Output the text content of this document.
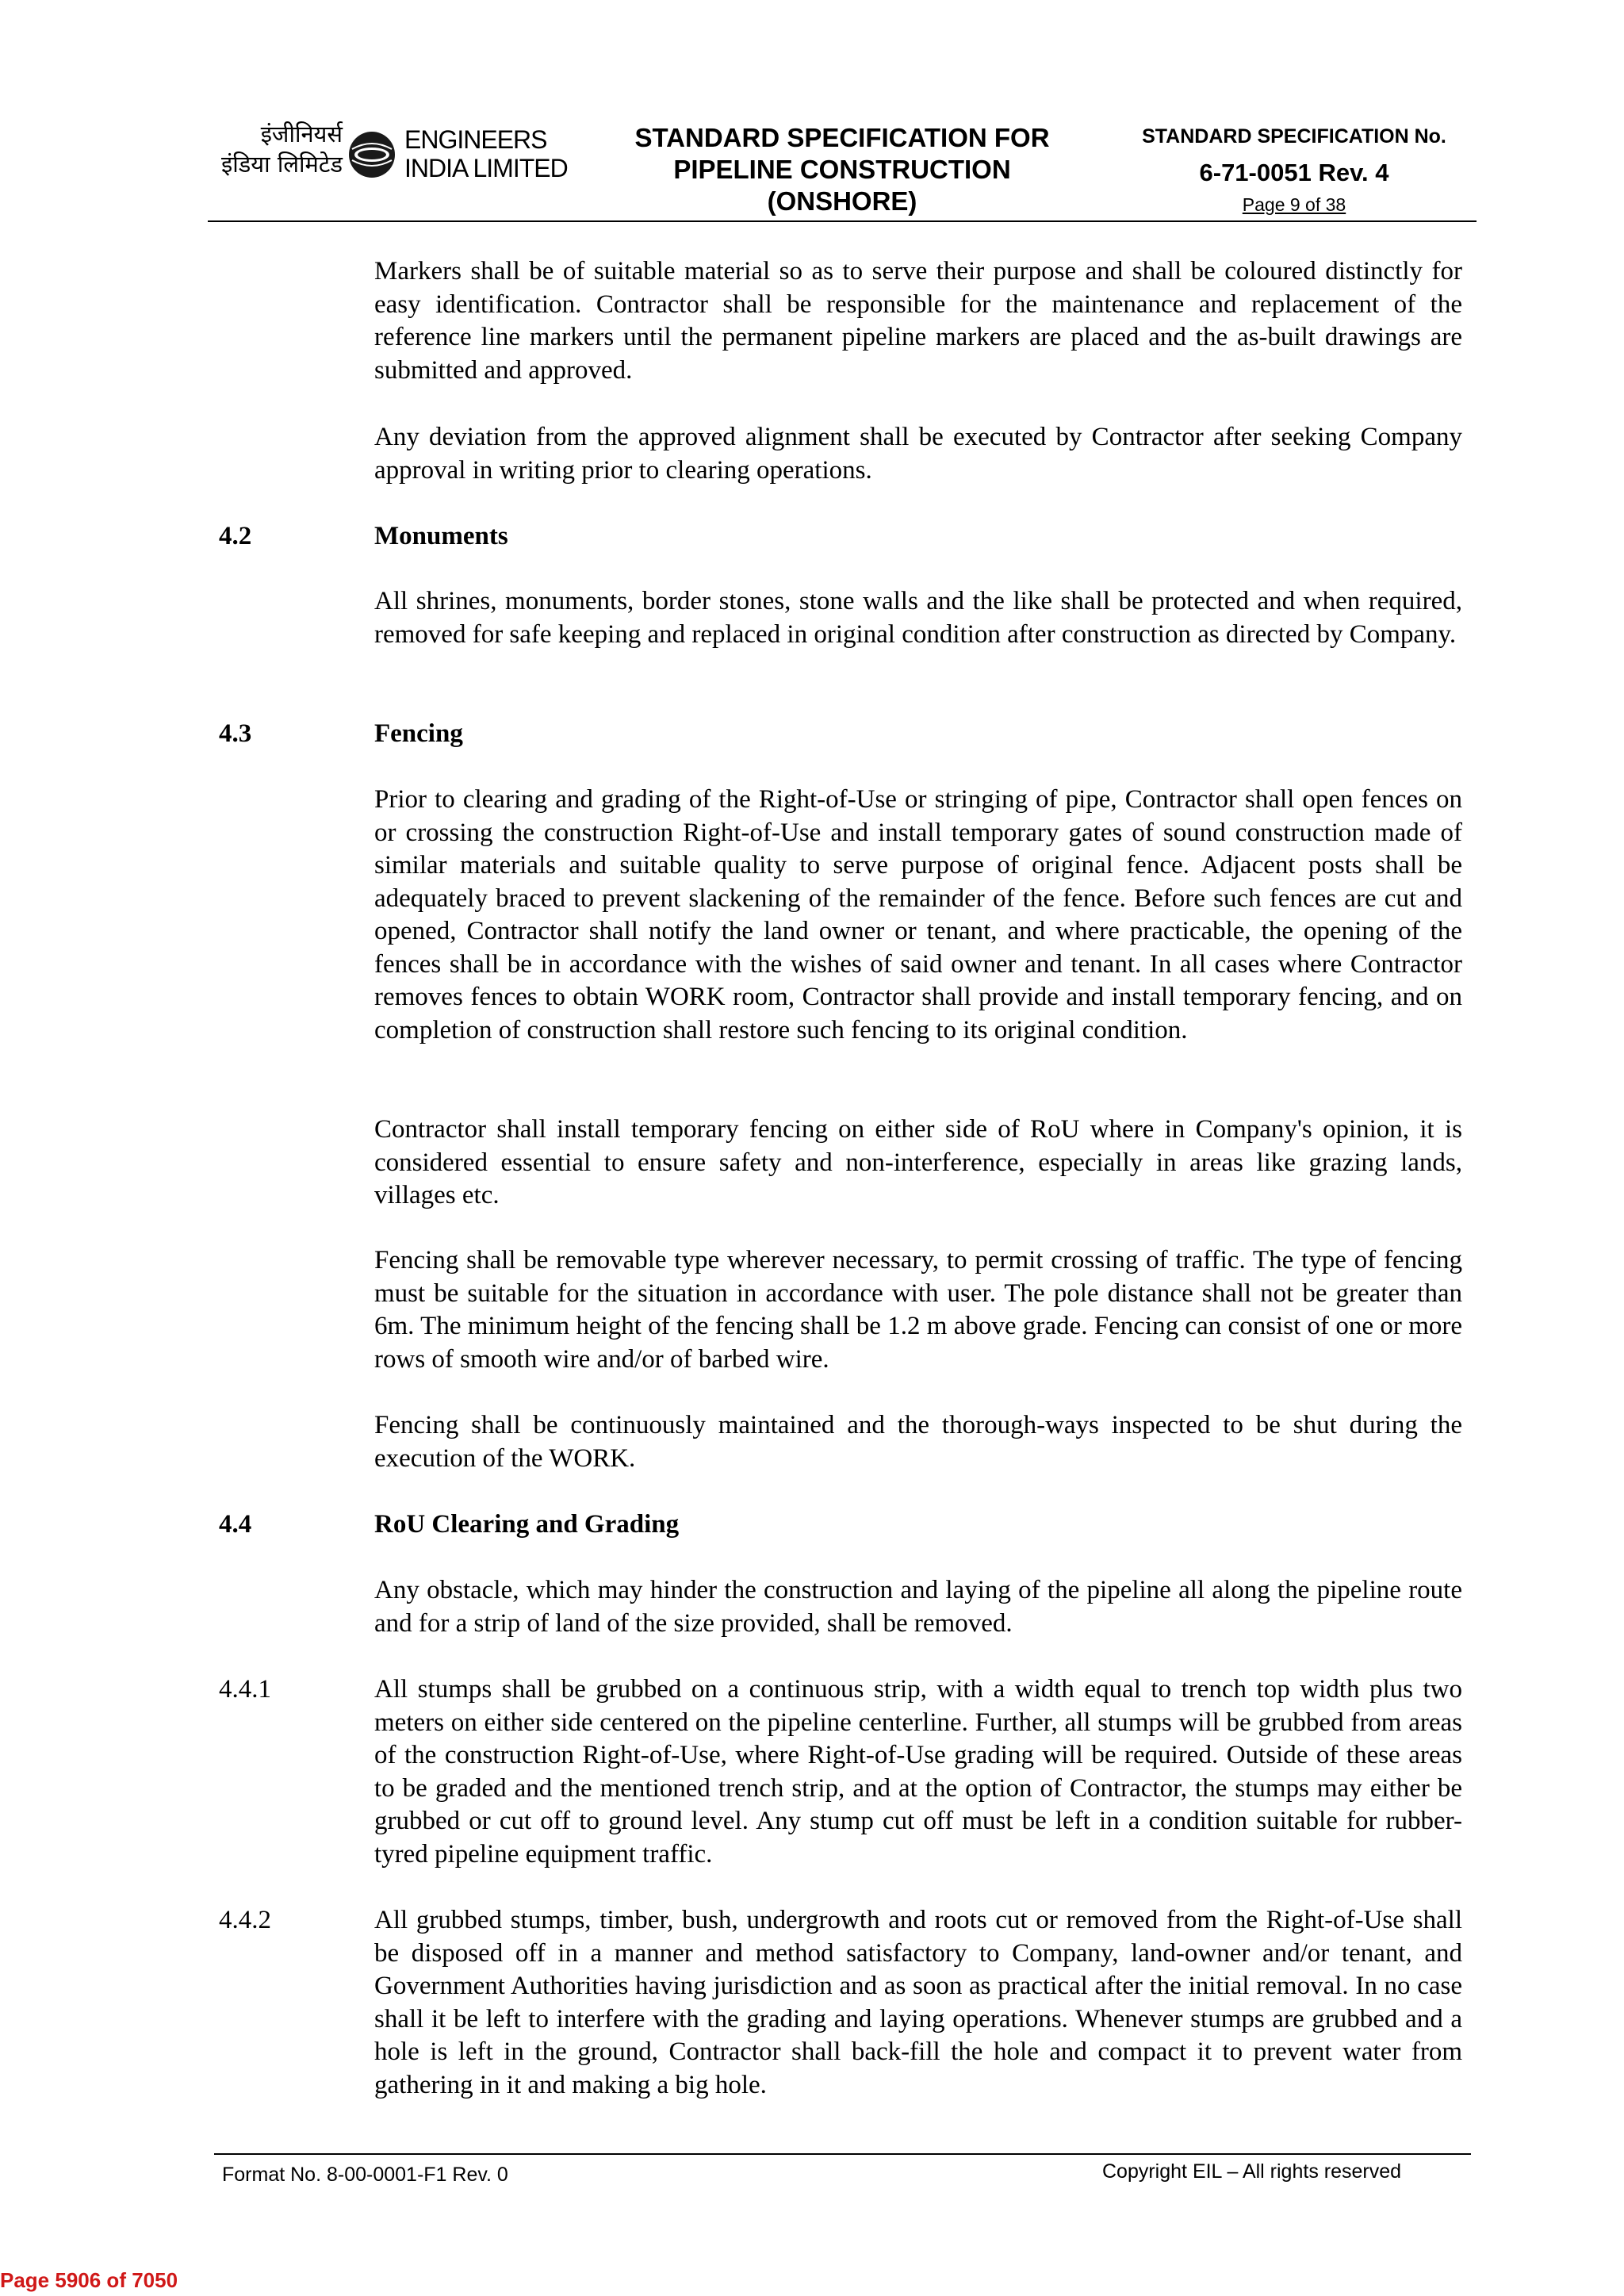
इंजीनियर्स
इंडिया लिमिटेड
ENGINEERS
INDIA LIMITED
STANDARD SPECIFICATION FOR
PIPELINE CONSTRUCTION
(ONSHORE)
STANDARD SPECIFICATION No.
6-71-0051 Rev. 4
Page 9 of 38

Markers shall be of suitable material so as to serve their purpose and shall be coloured distinctly for easy identification. Contractor shall be responsible for the maintenance and replacement of the reference line markers until the permanent pipeline markers are placed and the as-built drawings are submitted and approved.

Any deviation from the approved alignment shall be executed by Contractor after seeking Company approval in writing prior to clearing operations.

4.2	Monuments

All shrines, monuments, border stones, stone walls and the like shall be protected and when required, removed for safe keeping and replaced in original condition after construction as directed by Company.

4.3	Fencing

Prior to clearing and grading of the Right-of-Use or stringing of pipe, Contractor shall open fences on or crossing the construction Right-of-Use and install temporary gates of sound construction made of similar materials and suitable quality to serve purpose of original fence. Adjacent posts shall be adequately braced to prevent slackening of the remainder of the fence. Before such fences are cut and opened, Contractor shall notify the land owner or tenant, and where practicable, the opening of the fences shall be in accordance with the wishes of said owner and tenant. In all cases where Contractor removes fences to obtain WORK room, Contractor shall provide and install temporary fencing, and on completion of construction shall restore such fencing to its original condition.

Contractor shall install temporary fencing on either side of RoU where in Company's opinion, it is considered essential to ensure safety and non-interference, especially in areas like grazing lands, villages etc.

Fencing shall be removable type wherever necessary, to permit crossing of traffic. The type of fencing must be suitable for the situation in accordance with user. The pole distance shall not be greater than 6m. The minimum height of the fencing shall be 1.2 m above grade. Fencing can consist of one or more rows of smooth wire and/or of barbed wire.

Fencing shall be continuously maintained and the thorough-ways inspected to be shut during the execution of the WORK.

4.4	RoU Clearing and Grading

Any obstacle, which may hinder the construction and laying of the pipeline all along the pipeline route and for a strip of land of the size provided, shall be removed.

4.4.1	All stumps shall be grubbed on a continuous strip, with a width equal to trench top width plus two meters on either side centered on the pipeline centerline. Further, all stumps will be grubbed from areas of the construction Right-of-Use, where Right-of-Use grading will be required. Outside of these areas to be graded and the mentioned trench strip, and at the option of Contractor, the stumps may either be grubbed or cut off to ground level. Any stump cut off must be left in a condition suitable for rubber-tyred pipeline equipment traffic.

4.4.2	All grubbed stumps, timber, bush, undergrowth and roots cut or removed from the Right-of-Use shall be disposed off in a manner and method satisfactory to Company, land-owner and/or tenant, and Government Authorities having jurisdiction and as soon as practical after the initial removal. In no case shall it be left to interfere with the grading and laying operations. Whenever stumps are grubbed and a hole is left in the ground, Contractor shall back-fill the hole and compact it to prevent water from gathering in it and making a big hole.

Format No. 8-00-0001-F1 Rev. 0	Copyright EIL – All rights reserved
Page 5906 of 7050
